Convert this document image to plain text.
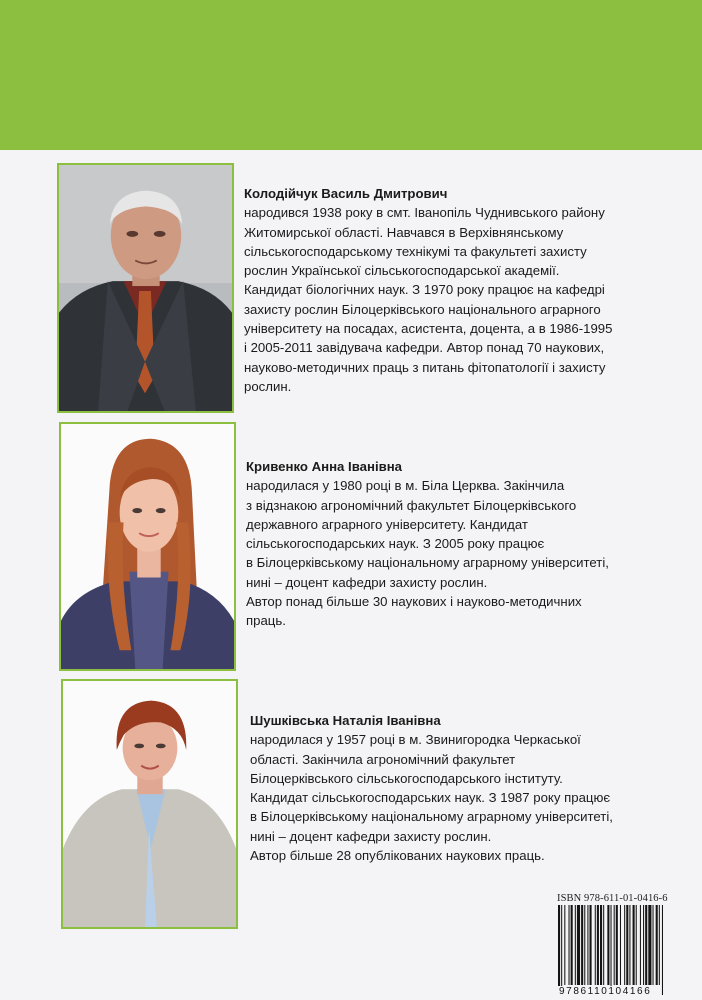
Колодійчук Василь Дмитрович
народився 1938 року в смт. Іванопіль Чуднивського району
Житомирської області. Навчався в Верхівнянському
сільськогосподарському технікумі та факультеті захисту
рослин Української сільськогосподарської академії.
Кандидат біологічних наук. З 1970 року працює на кафедрі
захисту рослин Білоцерківського національного аграрного
університету на посадах, асистента, доцента, а в 1986-1995
і 2005-2011 завідувача кафедри. Автор понад 70 наукових,
науково-методичних праць з питань фітопатології і захисту
рослин.
Кривенко Анна Іванівна
народилася у 1980 році в м. Біла Церква. Закінчила
з відзнакою агрономічний факультет Білоцерківського
державного аграрного університету. Кандидат
сільськогосподарських наук. З 2005 року працює
в Білоцерківському національному аграрному університеті,
нині – доцент кафедри захисту рослин.
Автор понад більше 30 наукових і науково-методичних
праць.
Шушківська Наталія Іванівна
народилася у 1957 році в м. Звинигородка Черкаської
області. Закінчила агрономічний факультет
Білоцерківського сільськогосподарського інституту.
Кандидат сільськогосподарських наук. З 1987 року працює
в Білоцерківському національному аграрному університеті,
нині – доцент кафедри захисту рослин.
Автор більше 28 опублікованих наукових праць.
ISBN 978-611-01-0416-6
9786110104166
